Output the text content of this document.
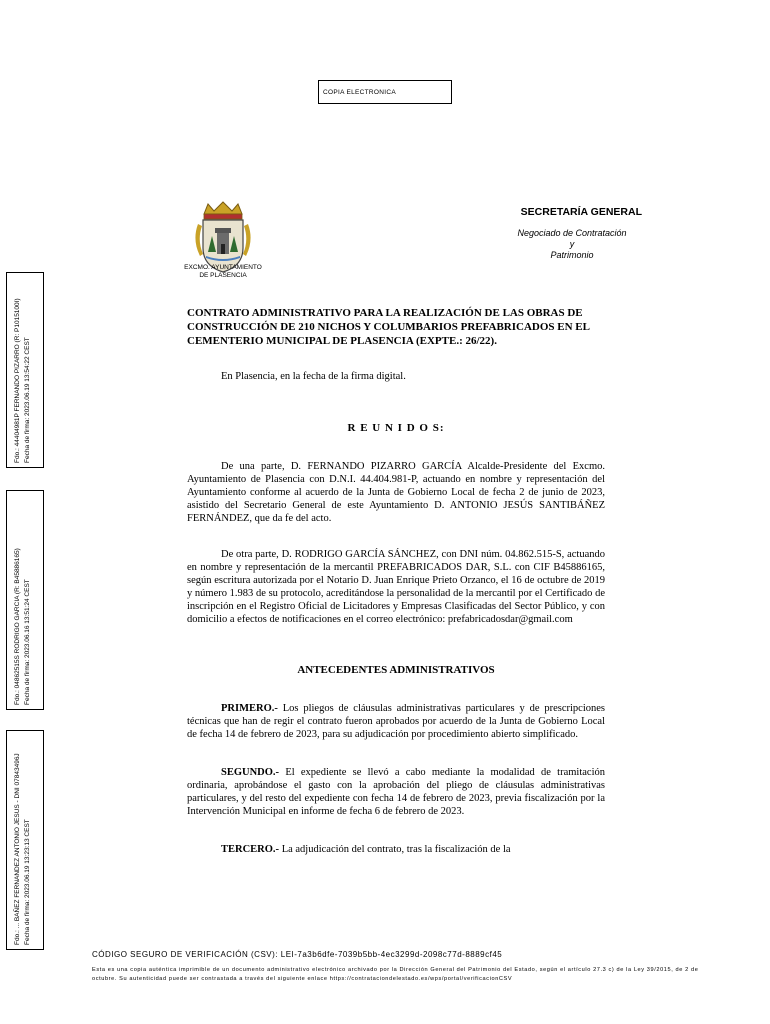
COPIA ELECTRONICA
EXCMO. AYUNTAMIENTO
DE PLASENCIA
SECRETARÍA GENERAL
Negociado de Contratación
y
Patrimonio
CONTRATO ADMINISTRATIVO PARA LA REALIZACIÓN DE LAS OBRAS DE CONSTRUCCIÓN DE 210 NICHOS Y COLUMBARIOS PREFABRICADOS EN EL CEMENTERIO MUNICIPAL DE PLASENCIA (EXPTE.: 26/22).
En Plasencia, en la fecha de la firma digital.
R E U N I D O S:
De una parte, D. FERNANDO PIZARRO GARCÍA Alcalde-Presidente del Excmo. Ayuntamiento de Plasencia con D.N.I. 44.404.981-P, actuando en nombre y representación del Ayuntamiento conforme al acuerdo de la Junta de Gobierno Local de fecha 2 de junio de 2023, asistido del Secretario General de este Ayuntamiento D. ANTONIO JESÚS SANTIBÁÑEZ FERNÁNDEZ, que da fe del acto.
De otra parte, D. RODRIGO GARCÍA SÁNCHEZ, con DNI núm. 04.862.515-S, actuando en nombre y representación de la mercantil PREFABRICADOS DAR, S.L. con CIF B45886165, según escritura autorizada por el Notario D. Juan Enrique Prieto Orzanco, el 16 de octubre de 2019 y número 1.983 de su protocolo, acreditándose la personalidad de la mercantil por el Certificado de inscripción en el Registro Oficial de Licitadores y Empresas Clasificadas del Sector Público, y con domicilio a efectos de notificaciones en el correo electrónico: prefabricadosdar@gmail.com
ANTECEDENTES ADMINISTRATIVOS
PRIMERO.- Los pliegos de cláusulas administrativas particulares y de prescripciones técnicas que han de regir el contrato fueron aprobados por acuerdo de la Junta de Gobierno Local de fecha 14 de febrero de 2023, para su adjudicación por procedimiento abierto simplificado.
SEGUNDO.- El expediente se llevó a cabo mediante la modalidad de tramitación ordinaria, aprobándose el gasto con la aprobación del pliego de cláusulas administrativas particulares, y del resto del expediente con fecha 14 de febrero de 2023, previa fiscalización por la Intervención Municipal en informe de fecha 6 de febrero de 2023.
TERCERO.- La adjudicación del contrato, tras la fiscalización de la
CÓDIGO SEGURO DE VERIFICACIÓN (CSV): LEI-7a3b6dfe-7039b5bb-4ec3299d-2098c77d-8889cf45
Esta es una copia auténtica imprimible de un documento administrativo electrónico archivado por la Dirección General del Patrimonio del Estado, según el artículo 27.3 c) de la Ley 39/2015, de 2 de octubre. Su autenticidad puede ser contrastada a través del siguiente enlace https://contrataciondelestado.es/wps/portal/verificacionCSV
Fdo.: 44404981P FERNANDO PIZARRO (R: P1015100I) Fecha de firma: 2023.06.19 13:54:22 CEST
Fdo.: 04862515S RODRIGO GARCIA (R: B45886165) Fecha de firma: 2023.06.16 13:51:24 CEST
Fdo.: ... BAÑEZ FERNANDEZ ANTONIO JESUS - DNI 07843496J Fecha de firma: 2023.06.19 13:23:13 CEST
